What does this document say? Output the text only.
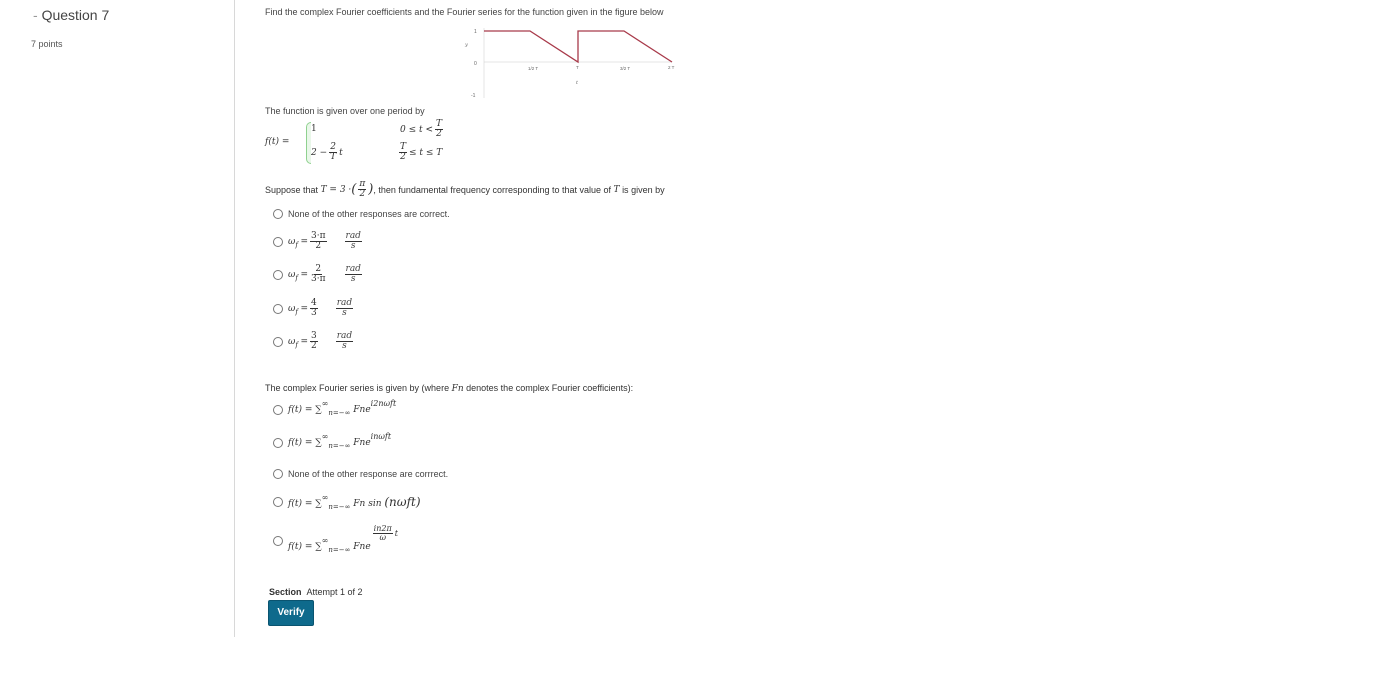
- Question 7
7 points
Find the complex Fourier coefficients and the Fourier series for the function given in the figure below
y
1
0
-1
1/2 T	T	3/2 T	2 T
t
The function is given over one period by
f(t) =
1	$0 \le t < \frac{T}{2}$
$2 - \frac{2}{T}$ t	$\frac{T}{2} \le t \le T$
Suppose that
T = 3 · ( $\frac{\pi}{2}$ ) , then fundamental frequency corresponding to that value of
T
is given by
None of the other responses are correct.
$\omega_f$
= $\frac{3\cdot\pi}{2}$ rad
s
$\omega_f$
= $\frac{2}{3\cdot\pi}$ rad
s
$\omega_f$
= $\frac{4}{3}$ rad
s
$\omega_f$
= $\frac{3}{2}$ rad
s
The complex Fourier series is given by (where Fn denotes the complex Fourier coefficients):
$f(t) = \sum\infty_{n=-\infty}$ Fnei2nωft
$f(t) = \sum\infty_{n=-\infty}$ Fneinωft
None of the other response are corrrect.
$f(t) = \sum\infty_{n=-\infty}$ Fn sin (nωft)
$f(t) = \sum\infty_{n=-\infty}$ Fne
$\frac{in2\pi}{\omega}$ t
Section Attempt 1 of 2
Verify
